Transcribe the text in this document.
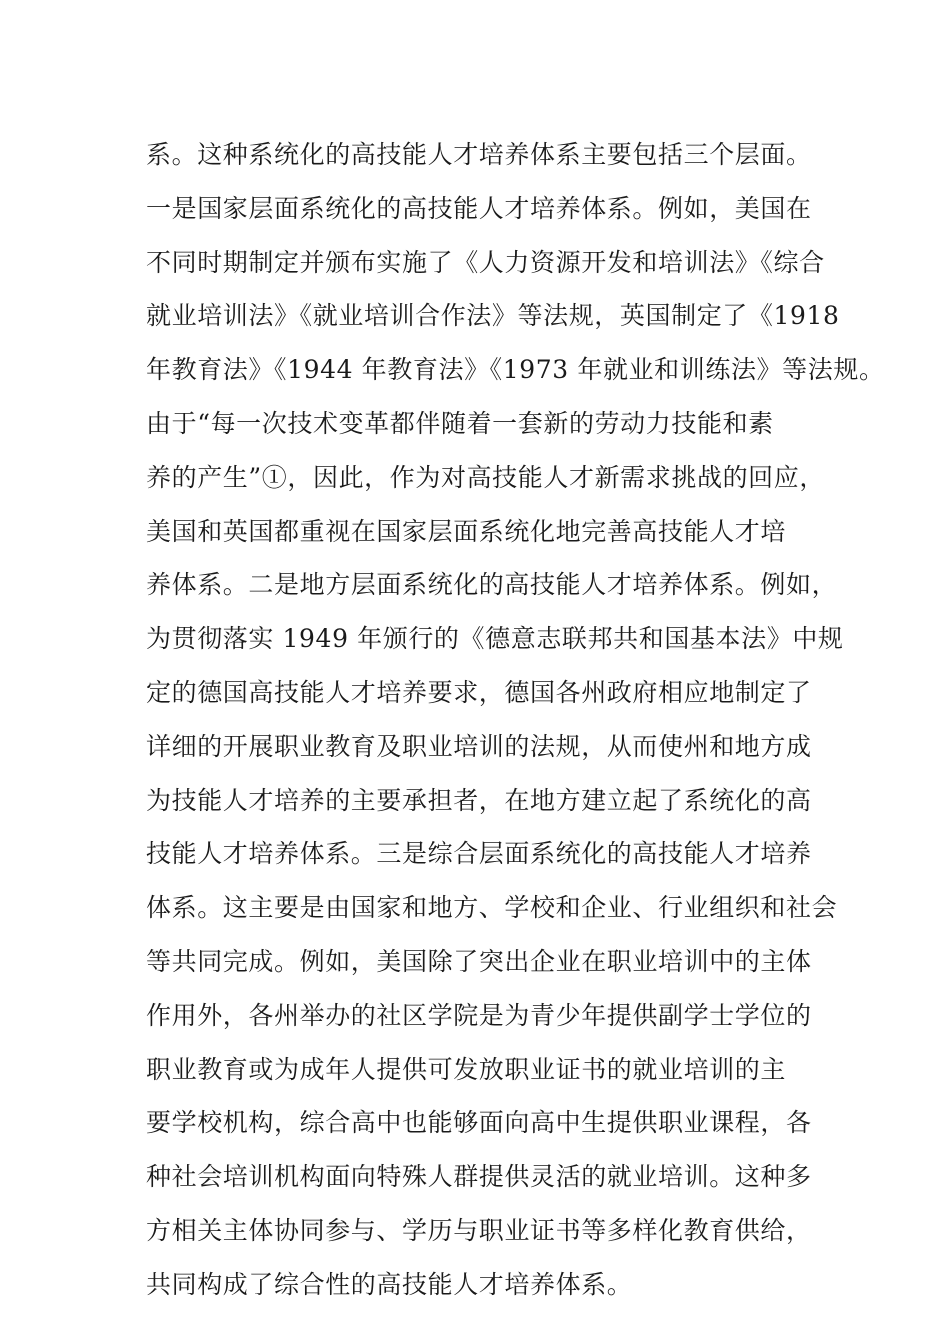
系。这种系统化的高技能人才培养体系主要包括三个层面。
一是国家层面系统化的高技能人才培养体系。例如，美国在
不同时期制定并颁布实施了《人力资源开发和培训法》《综合
就业培训法》《就业培训合作法》等法规，英国制定了《1918
年教育法》《1944 年教育法》《1973 年就业和训练法》等法规。
由于“每一次技术变革都伴随着一套新的劳动力技能和素
养的产生”①，因此，作为对高技能人才新需求挑战的回应，
美国和英国都重视在国家层面系统化地完善高技能人才培
养体系。二是地方层面系统化的高技能人才培养体系。例如，
为贯彻落实 1949 年颁行的《德意志联邦共和国基本法》中规
定的德国高技能人才培养要求，德国各州政府相应地制定了
详细的开展职业教育及职业培训的法规，从而使州和地方成
为技能人才培养的主要承担者，在地方建立起了系统化的高
技能人才培养体系。三是综合层面系统化的高技能人才培养
体系。这主要是由国家和地方、学校和企业、行业组织和社会
等共同完成。例如，美国除了突出企业在职业培训中的主体
作用外，各州举办的社区学院是为青少年提供副学士学位的
职业教育或为成年人提供可发放职业证书的就业培训的主
要学校机构，综合高中也能够面向高中生提供职业课程，各
种社会培训机构面向特殊人群提供灵活的就业培训。这种多
方相关主体协同参与、学历与职业证书等多样化教育供给，
共同构成了综合性的高技能人才培养体系。
